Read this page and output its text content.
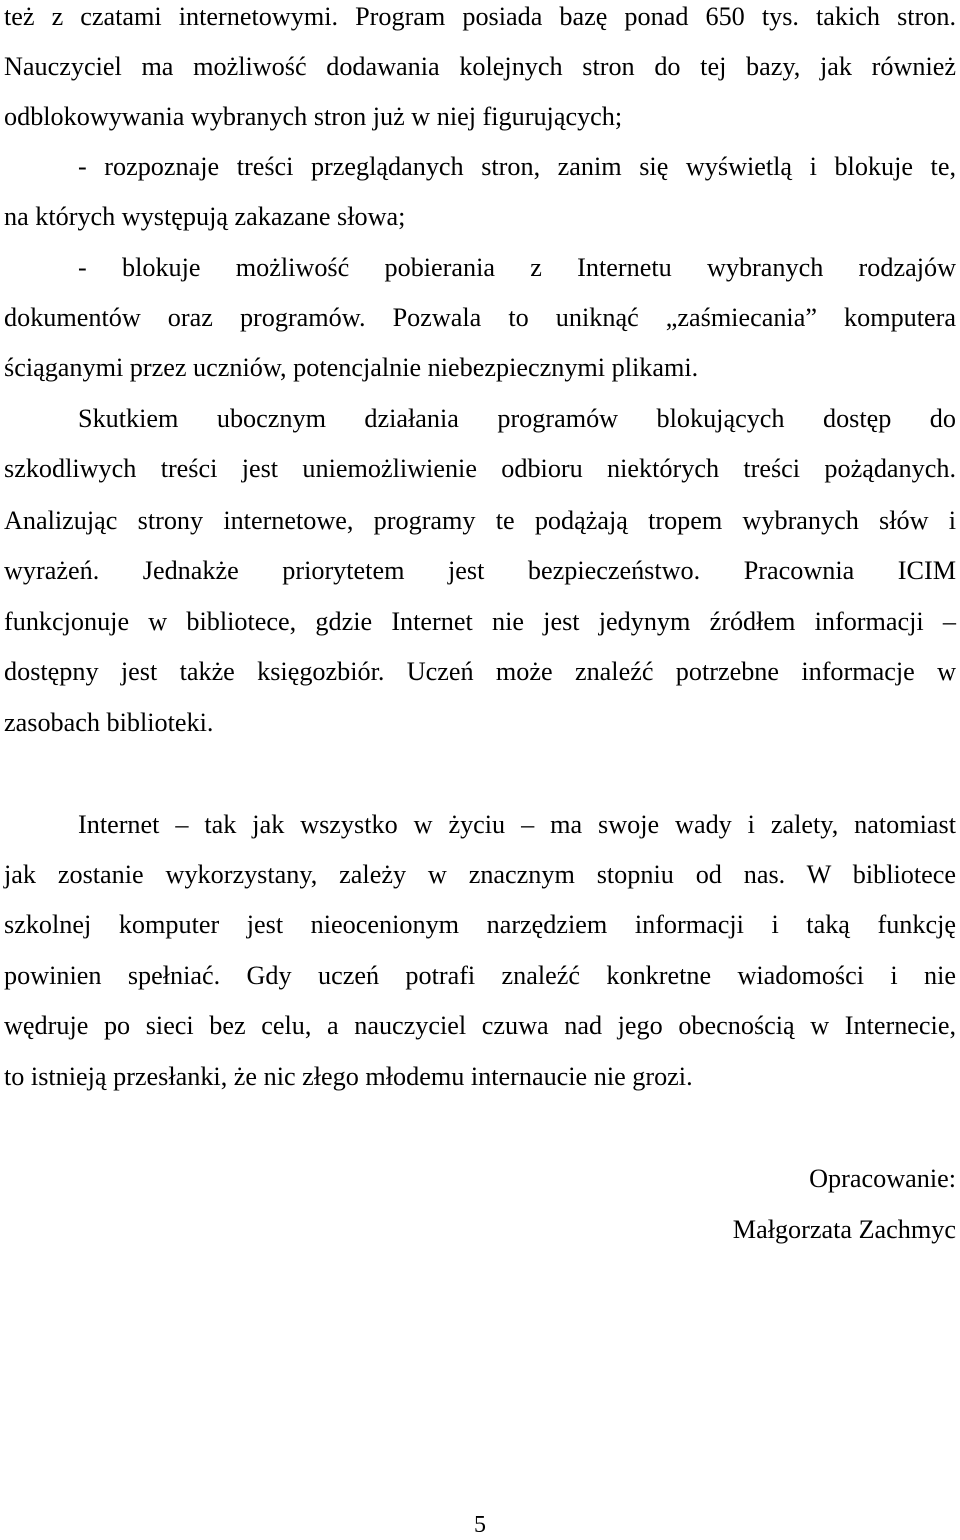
też z czatami internetowymi. Program posiada bazę ponad 650 tys. takich stron.
Nauczyciel ma możliwość dodawania kolejnych stron do tej bazy, jak również
odblokowywania wybranych stron już w niej figurujących;
- rozpoznaje treści przeglądanych stron, zanim się wyświetlą i blokuje te,
na których występują zakazane słowa;
- blokuje możliwość pobierania z Internetu wybranych rodzajów
dokumentów oraz programów. Pozwala to uniknąć „zaśmiecania” komputera
ściąganymi przez uczniów, potencjalnie niebezpiecznymi plikami.
Skutkiem ubocznym działania programów blokujących dostęp do
szkodliwych treści jest uniemożliwienie odbioru niektórych treści pożądanych.
Analizując strony internetowe, programy te podążają tropem wybranych słów i
wyrażeń. Jednakże priorytetem jest bezpieczeństwo. Pracownia ICIM
funkcjonuje w bibliotece, gdzie Internet nie jest jedynym źródłem informacji –
dostępny jest także księgozbiór. Uczeń może znaleźć potrzebne informacje w
zasobach biblioteki.
Internet – tak jak wszystko w życiu – ma swoje wady i zalety, natomiast
jak zostanie wykorzystany, zależy w znacznym stopniu od nas. W bibliotece
szkolnej komputer jest nieocenionym narzędziem informacji i taką funkcję
powinien spełniać. Gdy uczeń potrafi znaleźć konkretne wiadomości i nie
wędruje po sieci bez celu, a nauczyciel czuwa nad jego obecnością w Internecie,
to istnieją przesłanki, że nic złego młodemu internaucie nie grozi.
Opracowanie:
Małgorzata Zachmyc
5
